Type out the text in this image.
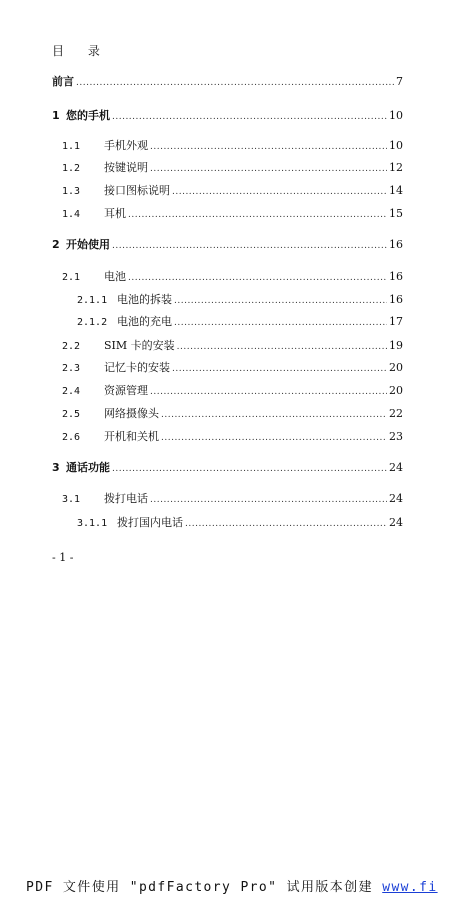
目 录
前言 .....	7
1 您的手机 .....	10
1.1	手机外观 .....	10
1.2	按键说明 .....	12
1.3	接口图标说明 .....	14
1.4	耳机 .....	15
2 开始使用 .....	16
2.1	电池 .....	16
2.1.1 电池的拆装 .....	16
2.1.2 电池的充电 .....	17
2.2	SIM 卡的安装 .....	19
2.3	记忆卡的安装 .....	20
2.4	资源管理 .....	20
2.5	网络摄像头 .....	22
2.6	开机和关机 .....	23
3 通话功能 .....	24
3.1	拨打电话 .....	24
3.1.1 拨打国内电话 .....	24
- 1 -
PDF 文件使用 "pdfFactory Pro" 试用版本创建 www.fi
